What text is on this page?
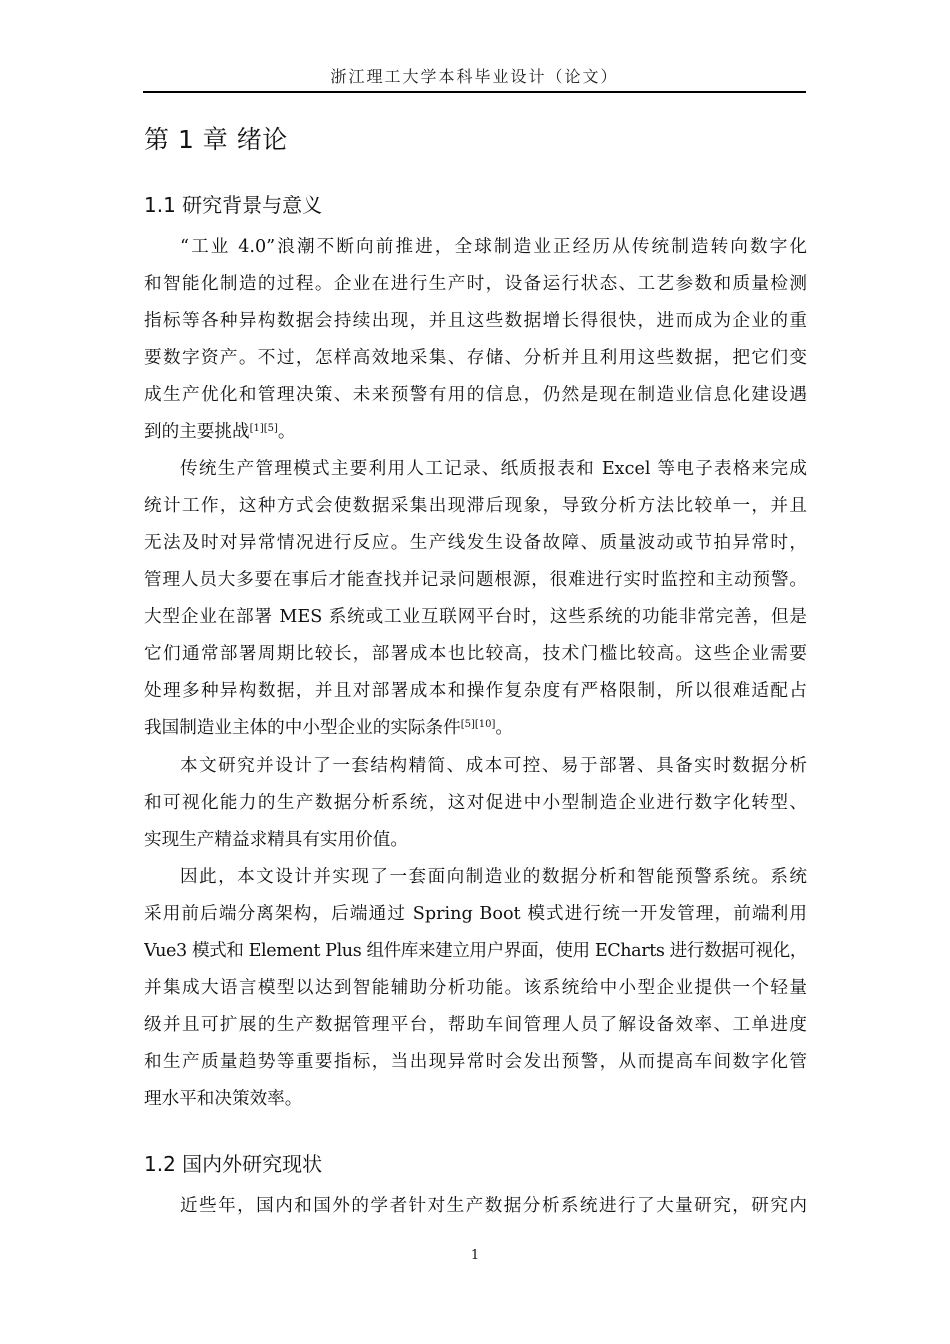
浙江理工大学本科毕业设计（论文）
第 1 章 绪论
1.1 研究背景与意义
“工业 4.0”浪潮不断向前推进，全球制造业正经历从传统制造转向数字化
和智能化制造的过程。企业在进行生产时，设备运行状态、工艺参数和质量检测
指标等各种异构数据会持续出现，并且这些数据增长得很快，进而成为企业的重
要数字资产。不过，怎样高效地采集、存储、分析并且利用这些数据，把它们变
成生产优化和管理决策、未来预警有用的信息，仍然是现在制造业信息化建设遇
到的主要挑战[1][5]。
传统生产管理模式主要利用人工记录、纸质报表和 Excel 等电子表格来完成
统计工作，这种方式会使数据采集出现滞后现象，导致分析方法比较单一，并且
无法及时对异常情况进行反应。生产线发生设备故障、质量波动或节拍异常时，
管理人员大多要在事后才能查找并记录问题根源，很难进行实时监控和主动预警。
大型企业在部署 MES 系统或工业互联网平台时，这些系统的功能非常完善，但是
它们通常部署周期比较长，部署成本也比较高，技术门槛比较高。这些企业需要
处理多种异构数据，并且对部署成本和操作复杂度有严格限制，所以很难适配占
我国制造业主体的中小型企业的实际条件[5][10]。
本文研究并设计了一套结构精简、成本可控、易于部署、具备实时数据分析
和可视化能力的生产数据分析系统，这对促进中小型制造企业进行数字化转型、
实现生产精益求精具有实用价值。
因此，本文设计并实现了一套面向制造业的数据分析和智能预警系统。系统
采用前后端分离架构，后端通过 Spring Boot 模式进行统一开发管理，前端利用
Vue3 模式和 Element Plus 组件库来建立用户界面，使用 ECharts 进行数据可视化，
并集成大语言模型以达到智能辅助分析功能。该系统给中小型企业提供一个轻量
级并且可扩展的生产数据管理平台，帮助车间管理人员了解设备效率、工单进度
和生产质量趋势等重要指标，当出现异常时会发出预警，从而提高车间数字化管
理水平和决策效率。
1.2 国内外研究现状
近些年，国内和国外的学者针对生产数据分析系统进行了大量研究，研究内
1
